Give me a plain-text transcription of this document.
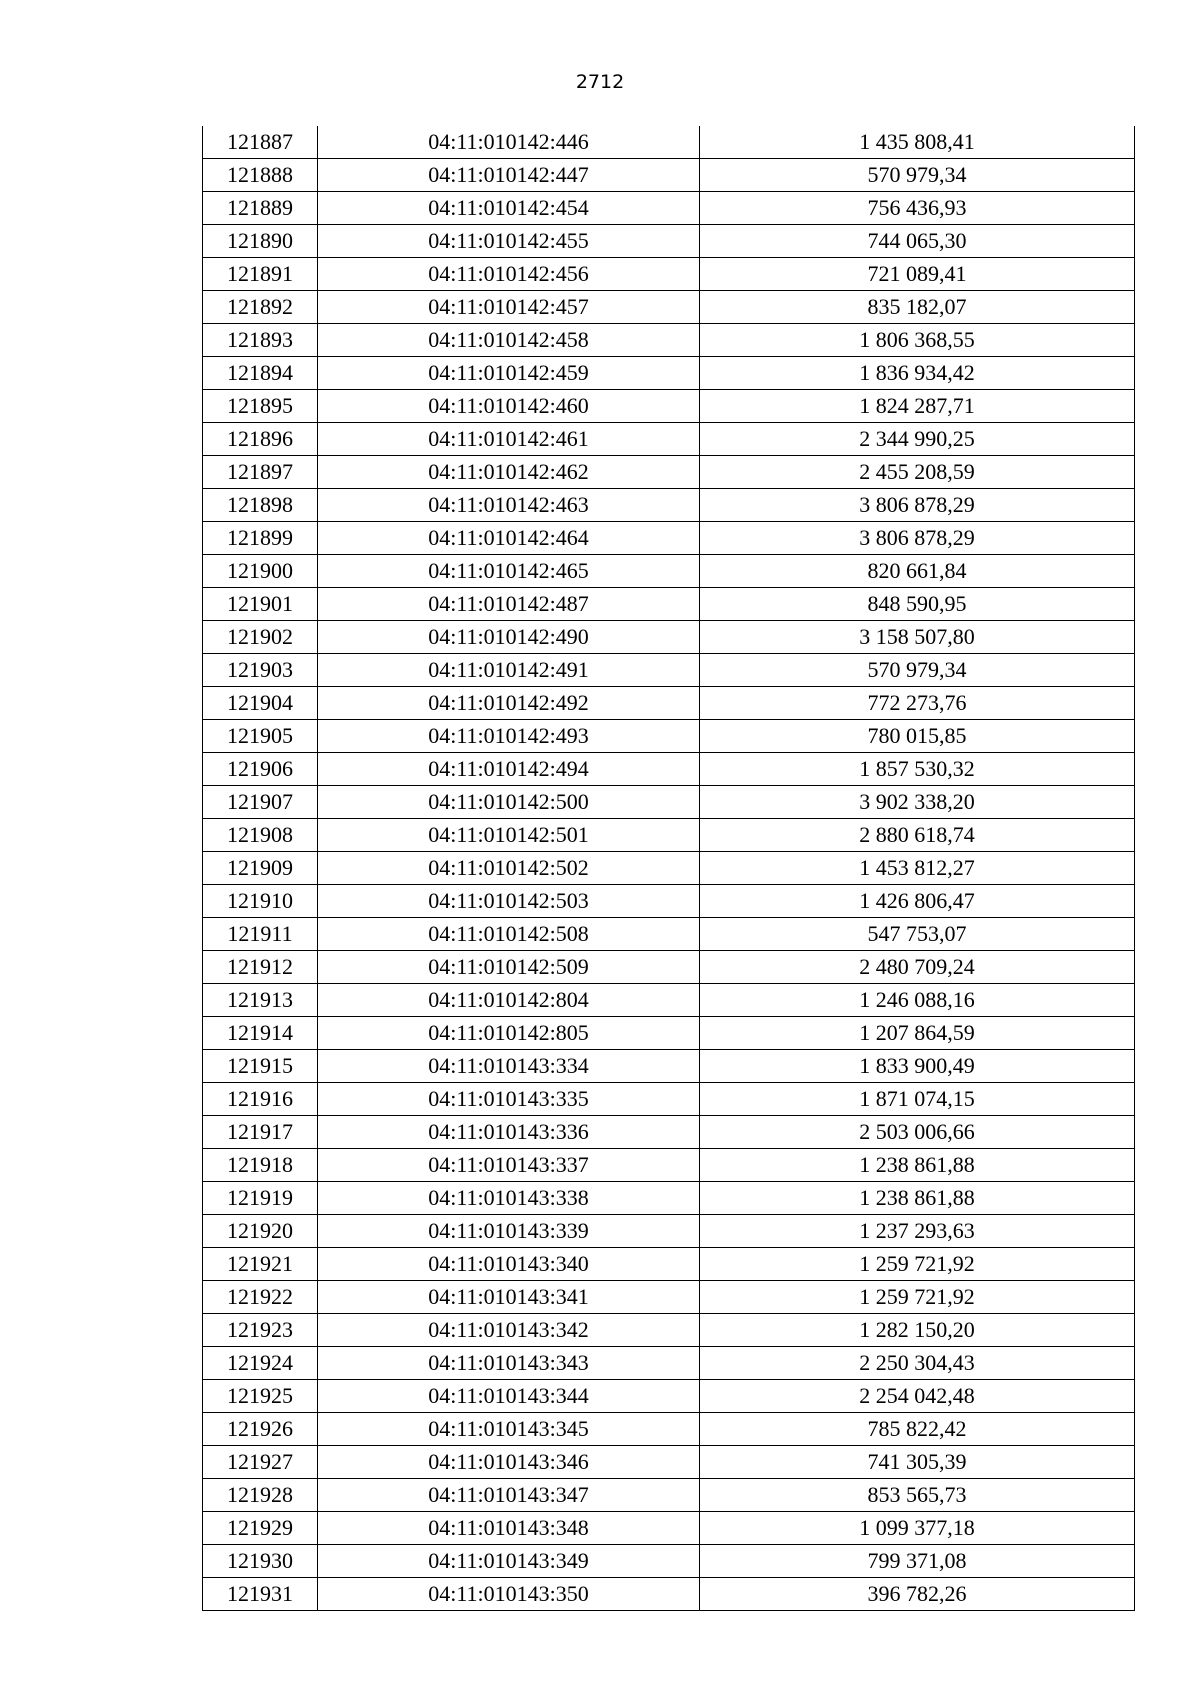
2712
121887	04:11:010142:446	1 435 808,41
121888	04:11:010142:447	570 979,34
121889	04:11:010142:454	756 436,93
121890	04:11:010142:455	744 065,30
121891	04:11:010142:456	721 089,41
121892	04:11:010142:457	835 182,07
121893	04:11:010142:458	1 806 368,55
121894	04:11:010142:459	1 836 934,42
121895	04:11:010142:460	1 824 287,71
121896	04:11:010142:461	2 344 990,25
121897	04:11:010142:462	2 455 208,59
121898	04:11:010142:463	3 806 878,29
121899	04:11:010142:464	3 806 878,29
121900	04:11:010142:465	820 661,84
121901	04:11:010142:487	848 590,95
121902	04:11:010142:490	3 158 507,80
121903	04:11:010142:491	570 979,34
121904	04:11:010142:492	772 273,76
121905	04:11:010142:493	780 015,85
121906	04:11:010142:494	1 857 530,32
121907	04:11:010142:500	3 902 338,20
121908	04:11:010142:501	2 880 618,74
121909	04:11:010142:502	1 453 812,27
121910	04:11:010142:503	1 426 806,47
121911	04:11:010142:508	547 753,07
121912	04:11:010142:509	2 480 709,24
121913	04:11:010142:804	1 246 088,16
121914	04:11:010142:805	1 207 864,59
121915	04:11:010143:334	1 833 900,49
121916	04:11:010143:335	1 871 074,15
121917	04:11:010143:336	2 503 006,66
121918	04:11:010143:337	1 238 861,88
121919	04:11:010143:338	1 238 861,88
121920	04:11:010143:339	1 237 293,63
121921	04:11:010143:340	1 259 721,92
121922	04:11:010143:341	1 259 721,92
121923	04:11:010143:342	1 282 150,20
121924	04:11:010143:343	2 250 304,43
121925	04:11:010143:344	2 254 042,48
121926	04:11:010143:345	785 822,42
121927	04:11:010143:346	741 305,39
121928	04:11:010143:347	853 565,73
121929	04:11:010143:348	1 099 377,18
121930	04:11:010143:349	799 371,08
121931	04:11:010143:350	396 782,26
